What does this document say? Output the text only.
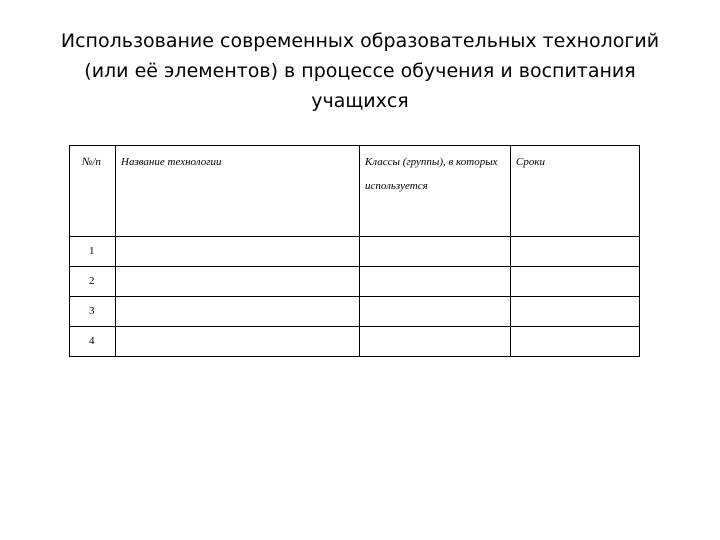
Использование современных образовательных технологий
(или её элементов) в процессе обучения и воспитания
учащихся
№/п	Название технологии	Классы (группы), в которых используется	Сроки

1			

2			

3			

4			
